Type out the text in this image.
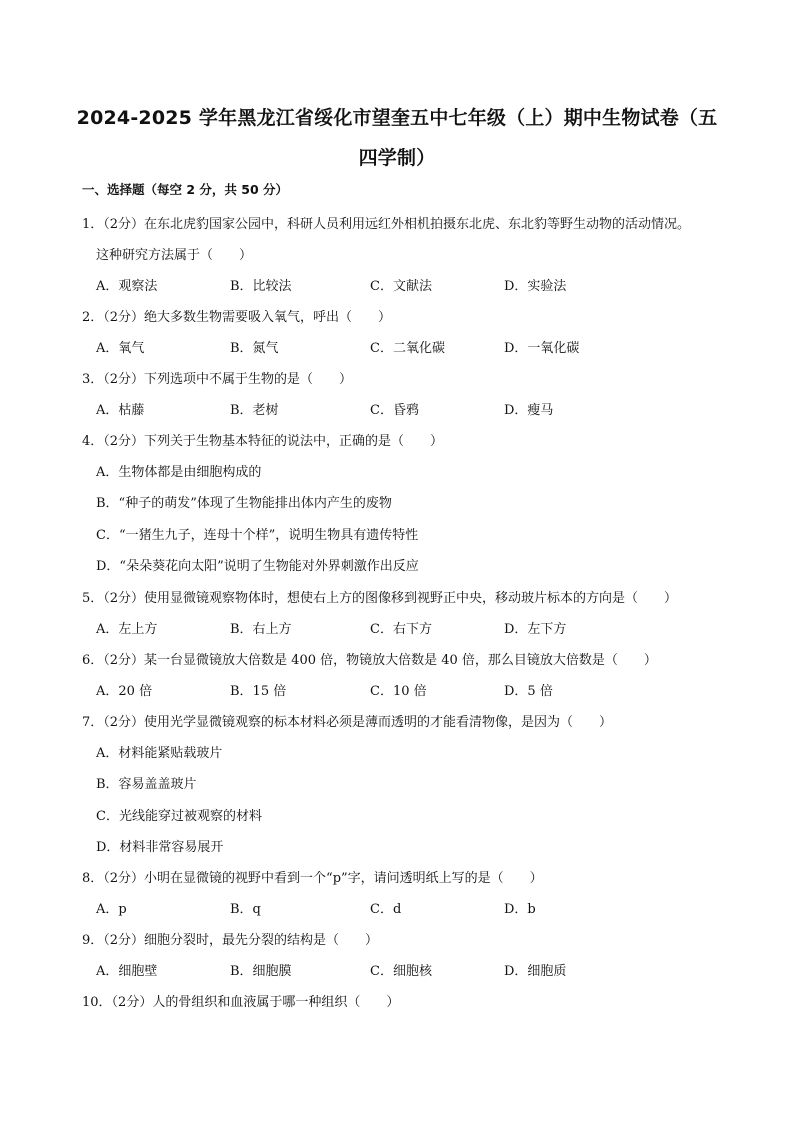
2024-2025 学年黑龙江省绥化市望奎五中七年级（上）期中生物试卷（五
四学制）
一、选择题（每空 2 分，共 50 分）
1．（2分）在东北虎豹国家公园中，科研人员利用远红外相机拍摄东北虎、东北豹等野生动物的活动情况。
这种研究方法属于（　　）
A．观察法	B．比较法	C．文献法	D．实验法
2．（2分）绝大多数生物需要吸入氧气，呼出（　　）
A．氧气	B．氮气	C．二氧化碳	D．一氧化碳
3．（2分）下列选项中不属于生物的是（　　）
A．枯藤	B．老树	C．昏鸦	D．瘦马
4．（2分）下列关于生物基本特征的说法中，正确的是（　　）
A．生物体都是由细胞构成的
B．“种子的萌发”体现了生物能排出体内产生的废物
C．“一猪生九子，连母十个样”，说明生物具有遗传特性
D．“朵朵葵花向太阳”说明了生物能对外界刺激作出反应
5．（2分）使用显微镜观察物体时，想使右上方的图像移到视野正中央，移动玻片标本的方向是（　　）
A．左上方	B．右上方	C．右下方	D．左下方
6．（2分）某一台显微镜放大倍数是 400 倍，物镜放大倍数是 40 倍，那么目镜放大倍数是（　　）
A．20 倍	B．15 倍	C．10 倍	D．5 倍
7．（2分）使用光学显微镜观察的标本材料必须是薄而透明的才能看清物像，是因为（　　）
A．材料能紧贴载玻片
B．容易盖盖玻片
C．光线能穿过被观察的材料
D．材料非常容易展开
8．（2分）小明在显微镜的视野中看到一个“p”字，请问透明纸上写的是（　　）
A．p	B．q	C．d	D．b
9．（2分）细胞分裂时，最先分裂的结构是（　　）
A．细胞壁	B．细胞膜	C．细胞核	D．细胞质
10．（2分）人的骨组织和血液属于哪一种组织（　　）
